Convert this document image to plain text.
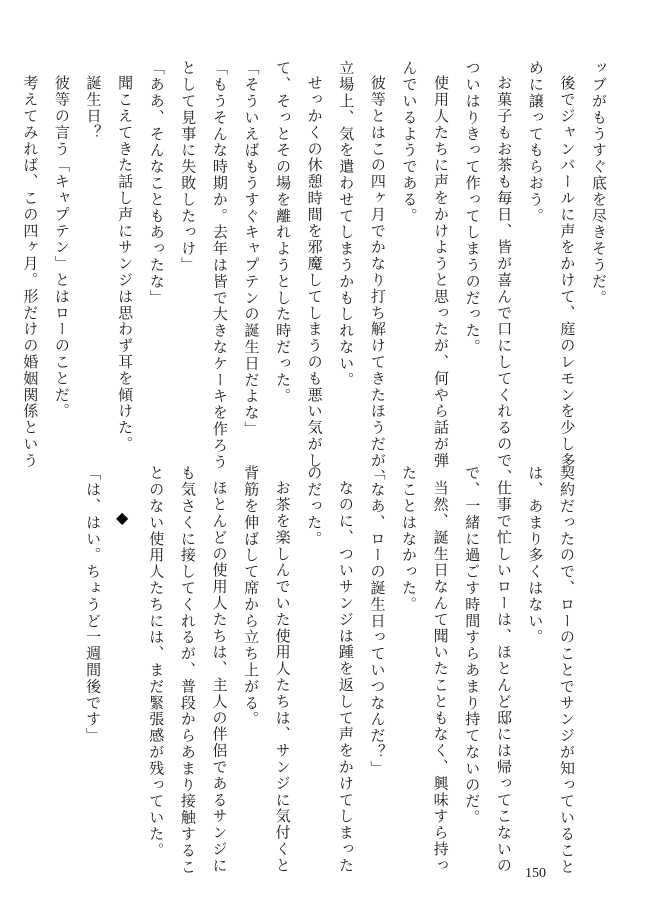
ッブがもうすぐ底を尽きそうだ。
後でジャンバールに声をかけて、庭のレモンを少し多
めに譲ってもらおう。
お菓子もお茶も毎日、皆が喜んで口にしてくれるので、
ついはりきって作ってしまうのだった。
使用人たちに声をかけようと思ったが、何やら話が弾
んでいるようである。
彼等とはこの四ヶ月でかなり打ち解けてきたほうだが、
立場上、気を遣わせてしまうかもしれない。
せっかくの休憩時間を邪魔してしまうのも悪い気がし
て、そっとその場を離れようとした時だった。
「そういえばもうすぐキャプテンの誕生日だよな」
「もうそんな時期か。去年は皆で大きなケーキを作ろう
として見事に失敗したっけ」
「ああ、そんなこともあったな」
聞こえてきた話し声にサンジは思わず耳を傾けた。
誕生日？
彼等の言う「キャプテン」とはローのことだ。
考えてみれば、この四ヶ月。形だけの婚姻関係という
契約だったので、ローのことでサンジが知っていること
は、あまり多くはない。
仕事で忙しいローは、ほとんど邸には帰ってこないの
で、一緒に過ごす時間すらあまり持てないのだ。
当然、誕生日なんて聞いたこともなく、興味すら持っ
たことはなかった。
「なあ、ローの誕生日っていつなんだ？」
なのに、ついサンジは踵を返して声をかけてしまった
のだった。
お茶を楽しんでいた使用人たちは、サンジに気付くと
背筋を伸ばして席から立ち上がる。
ほとんどの使用人たちは、主人の伴侶であるサンジに
も気さくに接してくれるが、普段からあまり接触するこ
とのない使用人たちには、まだ緊張感が残っていた。
「は、はい。ちょうど一週間後です」 ◆
150
